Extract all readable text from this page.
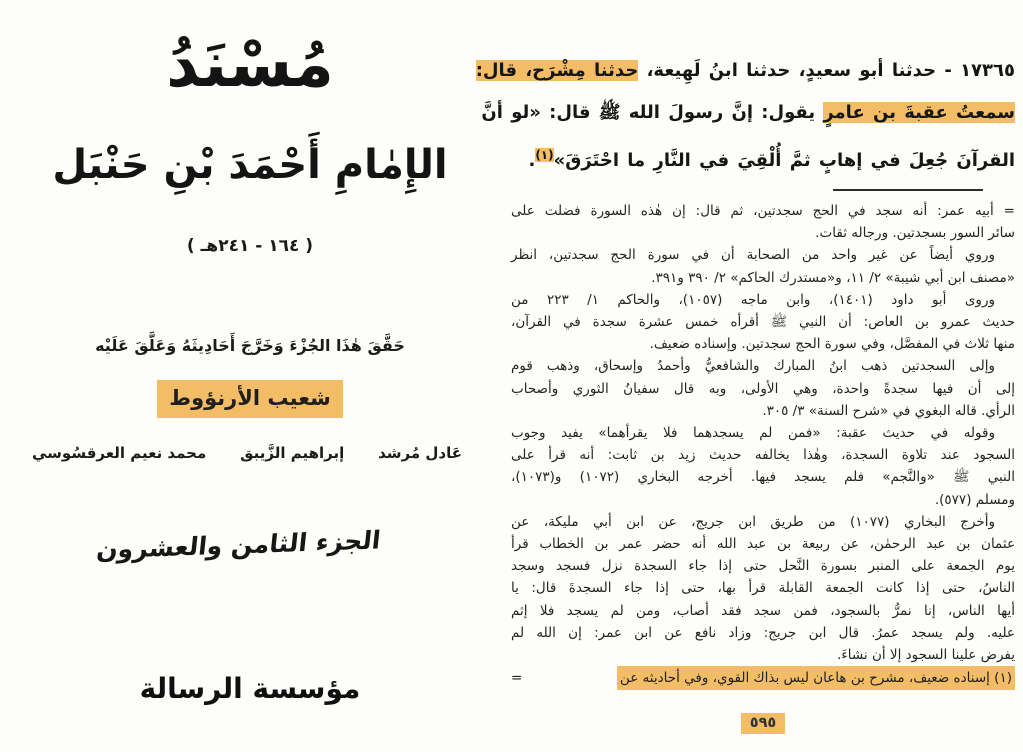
مُسْنَدُ
الإِمٰامِ أَحْمَدَ بْنِ حَنْبَل
( ١٦٤ - ٢٤١هـ )
حَقَّقَ هٰذَا الجُزْءَ وَخَرَّجَ أَحَادِيثَهُ وَعَلَّقَ عَلَيْه
شعيب الأرنؤوط
عَادل مُرشد
إبراهيم الزَّيبق
محمد نعيم العرقسُوسي
الجزء الثامن والعشرون
مؤسسة الرسالة
١٧٣٦٥ - حدثنا أبو سعيدٍ، حدثنا ابنُ لَهِيعة، حدثنا مِشْرَح، قال:
سمعتُ عقبةَ بن عامرٍ يقول: إنَّ رسولَ الله ﷺ قال: «لو أنَّ
القرآنَ جُعِلَ في إهابٍ ثمَّ أُلْقِيَ في النَّارِ ما احْتَرَقَ»$^{(١)}$.
= أبيه عمر: أنه سجد في الحج سجدتين، ثم قال: إن هٰذه السورة فضلت على
سائر السور بسجدتين. ورجاله ثقات.
وروي أيضاً عن غير واحد من الصحابة أن في سورة الحج سجدتين، انظر
«مصنف ابن أبي شيبة» ٢/ ١١، و«مستدرك الحاكم» ٢/ ٣٩٠ و٣٩١.
وروى أبو داود (١٤٠١)، وابن ماجه (١٠٥٧)، والحاكم ١/ ٢٢٣ من
حديث عمرو بن العاص: أن النبي ﷺ أقرأه خمس عشرة سجدة في القرآن،
منها ثلاث في المفصَّل، وفي سورة الحج سجدتين. وإسناده ضعيف.
وإلى السجدتين ذهب ابنُ المبارك والشافعيُّ وأحمدُ وإسحاق، وذهب قوم
إلى أن فيها سجدةً واحدة، وهي الأولى، وبه قال سفيانُ الثوري وأصحاب
الرأي. قاله البغوي في «شرح السنة» ٣/ ٣٠٥.
وقوله في حديث عقبة: «فمن لم يسجدهما فلا يقرأهما» يفيد وجوب
السجود عند تلاوة السجدة، وهٰذا يخالفه حديث زيد بن ثابت: أنه قرأ على
النبي ﷺ «والنَّجم» فلم يسجد فيها. أخرجه البخاري (١٠٧٢) و(١٠٧٣)،
ومسلم (٥٧٧).
وأخرج البخاري (١٠٧٧) من طريق ابن جريج، عن ابن أبي مليكة، عن
عثمان بن عبد الرحمٰن، عن ربيعة بن عبد الله أنه حضر عمر بن الخطاب قرأ
يوم الجمعة على المنبر بسورة النَّحل حتى إذا جاء السجدة نزل فسجد وسجد
الناسُ، حتى إذا كانت الجمعة القابلة قرأ بها، حتى إذا جاء السجدةَ قال: يا
أيها الناس، إنا نمرُّ بالسجود، فمن سجد فقد أصاب، ومن لم يسجد فلا إثم
عليه. ولم يسجد عمرُ. قال ابن جريج: وزاد نافع عن ابن عمر: إن الله لم
يفرض علينا السجود إلا أن نشاءَ.
(١) إسناده ضعيف، مشرح بن هاعان ليس بذاك القوي، وفي أحاديثه عن
=
٥٩٥
